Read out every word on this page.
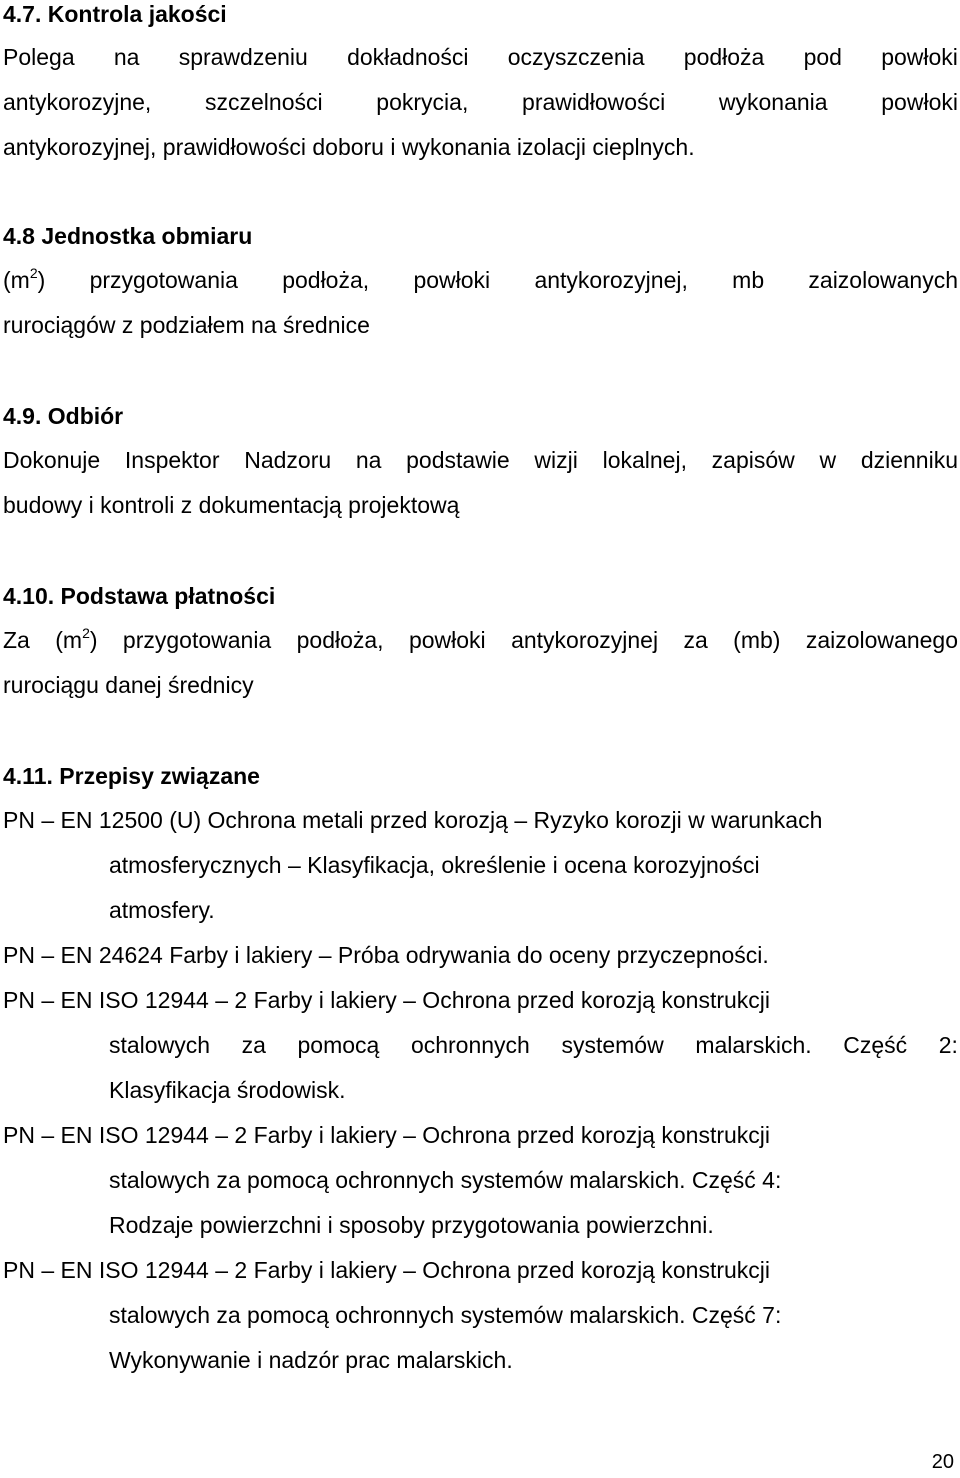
4.7. Kontrola jakości
Polega na sprawdzeniu dokładności oczyszczenia podłoża pod powłoki
antykorozyjne, szczelności pokrycia, prawidłowości wykonania powłoki
antykorozyjnej, prawidłowości doboru i wykonania izolacji cieplnych.
4.8 Jednostka obmiaru
$(m^2)$ przygotowania podłoża, powłoki antykorozyjnej, mb zaizolowanych
rurociągów z podziałem na średnice
4.9. Odbiór
Dokonuje Inspektor Nadzoru na podstawie wizji lokalnej, zapisów w dzienniku
budowy i kontroli z dokumentacją projektową
4.10. Podstawa płatności
Za $(m^2)$ przygotowania podłoża, powłoki antykorozyjnej za (mb) zaizolowanego
rurociągu danej średnicy
4.11. Przepisy związane
PN – EN 12500 (U) Ochrona metali przed korozją – Ryzyko korozji w warunkach
atmosferycznych – Klasyfikacja, określenie i ocena korozyjności
atmosfery.
PN – EN 24624 Farby i lakiery – Próba odrywania do oceny przyczepności.
PN – EN ISO 12944 – 2 Farby i lakiery – Ochrona przed korozją konstrukcji
stalowych za pomocą ochronnych systemów malarskich. Część 2:
Klasyfikacja środowisk.
PN – EN ISO 12944 – 2 Farby i lakiery – Ochrona przed korozją konstrukcji
stalowych za pomocą ochronnych systemów malarskich. Część 4:
Rodzaje powierzchni i sposoby przygotowania powierzchni.
PN – EN ISO 12944 – 2 Farby i lakiery – Ochrona przed korozją konstrukcji
stalowych za pomocą ochronnych systemów malarskich. Część 7:
Wykonywanie i nadzór prac malarskich.
20
